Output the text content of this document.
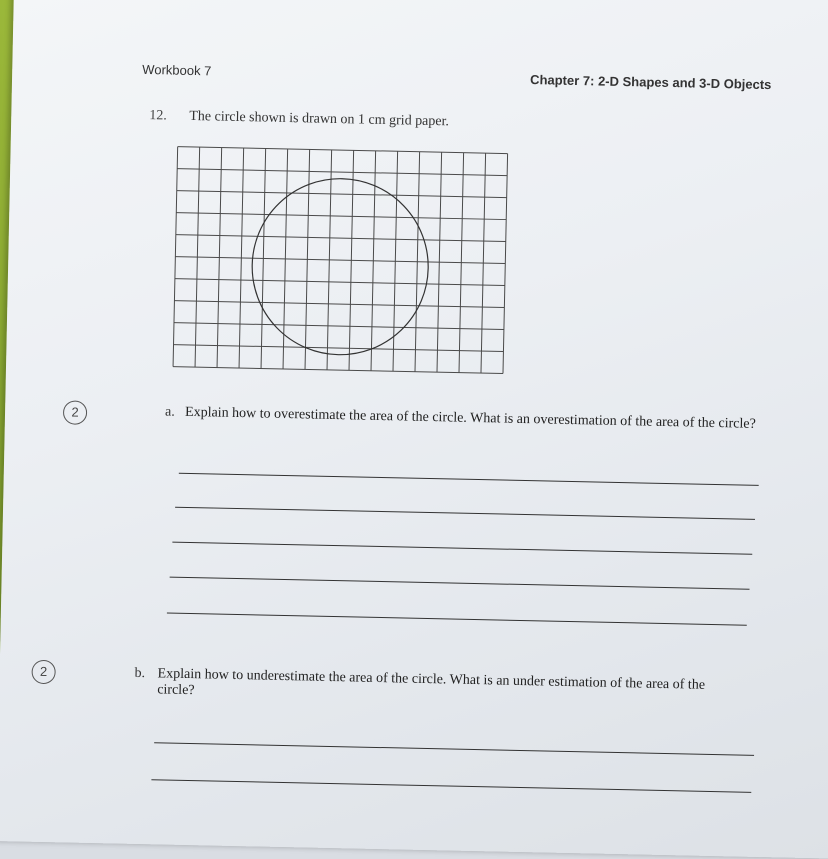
Workbook 7
Chapter 7: 2-D Shapes and 3-D Objects
12. The circle shown is drawn on 1 cm grid paper.
2	a. Explain how to overestimate the area of the circle. What is an overestimation of the area of the circle?
2	b. Explain how to underestimate the area of the circle. What is an under estimation of the area of the circle?
